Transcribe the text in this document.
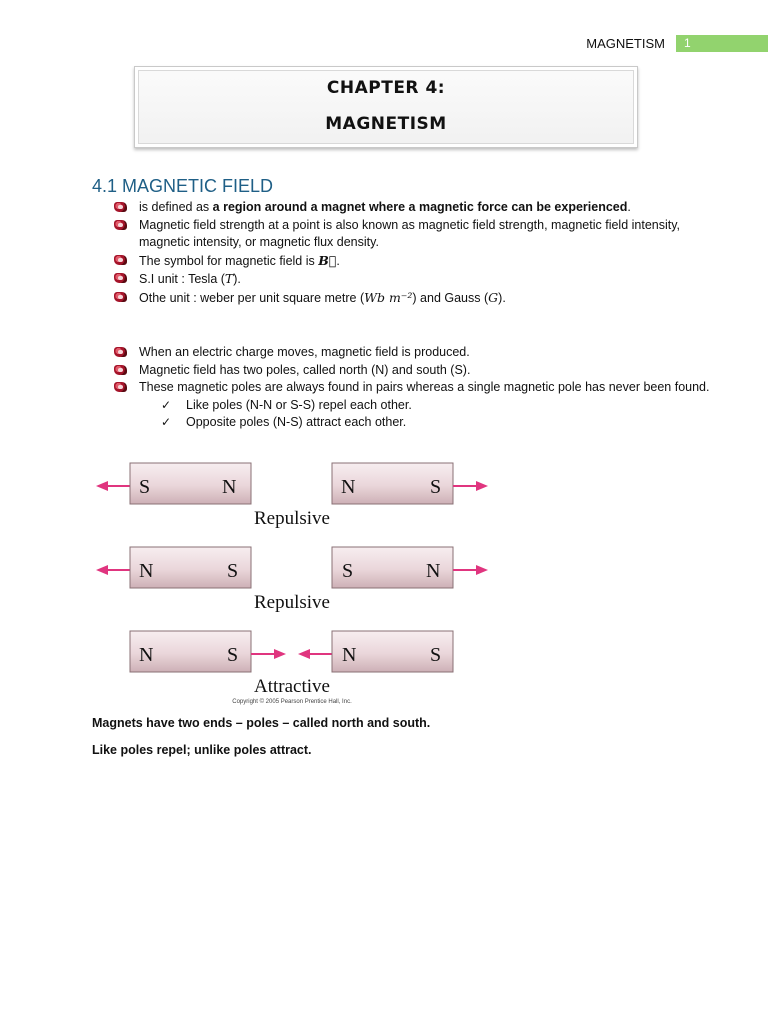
MAGNETISM	1
CHAPTER 4:
MAGNETISM
4.1 MAGNETIC FIELD
is defined as a region around a magnet where a magnetic force can be experienced.
Magnetic field strength at a point is also known as magnetic field strength, magnetic field intensity, magnetic intensity, or magnetic flux density.
The symbol for magnetic field is B⃗.
S.I unit : Tesla (T).
Othe unit : weber per unit square metre (Wb m⁻²) and Gauss (G).
When an electric charge moves, magnetic field is produced.
Magnetic field has two poles, called north (N) and south (S).
These magnetic poles are always found in pairs whereas a single magnetic pole has never been found.
✓ Like poles (N-N or S-S) repel each other.
✓ Opposite poles (N-S) attract each other.
S	N	N	S
Repulsive
N	S	S	N
Repulsive
N	S	N	S
Attractive
Copyright © 2005 Pearson Prentice Hall, Inc.
Magnets have two ends – poles – called north and south.
Like poles repel; unlike poles attract.
